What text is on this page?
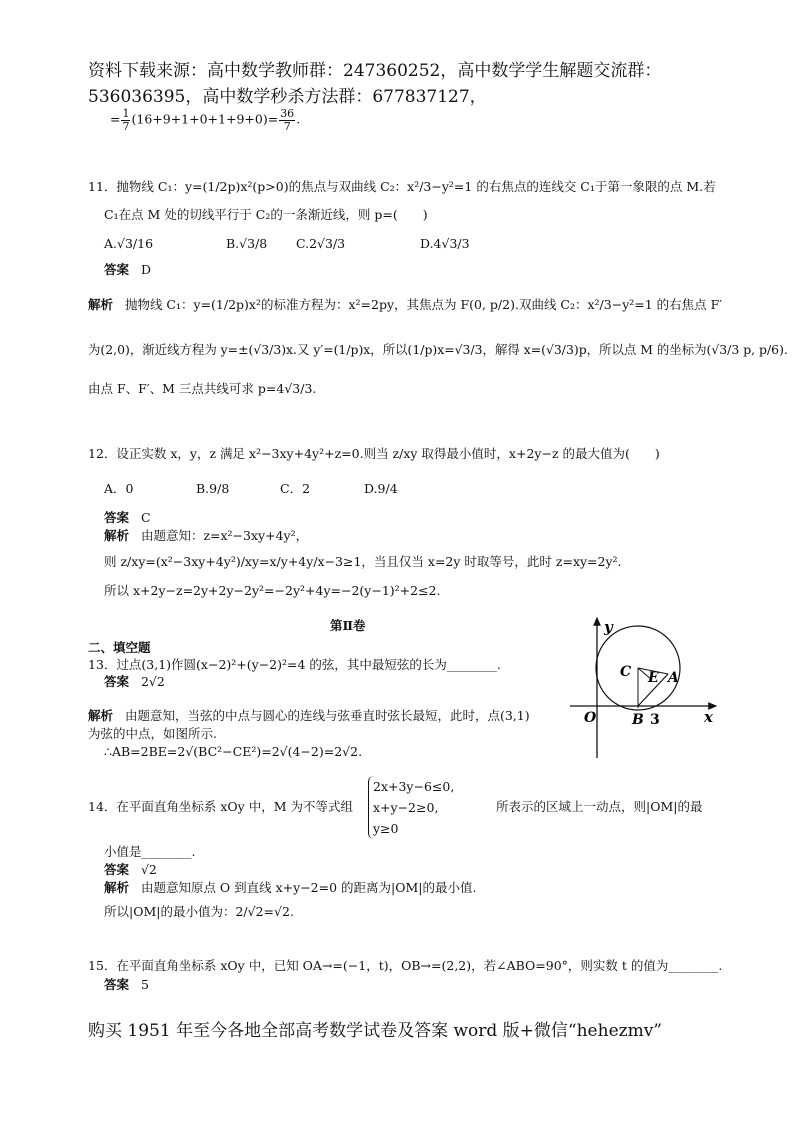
资料下载来源：高中数学教师群：247360252，高中数学学生解题交流群：
536036395，高中数学秒杀方法群：677837127，
= $\frac{1}{7} (16+9+1+0+1+9+0)= \frac{36}{7}$ .
11．抛物线 C₁：y=(1/2p)x²(p>0)的焦点与双曲线 C₂：x²/3−y²=1 的右焦点的连线交 C₁于第一象限的点 M.若
C₁在点 M 处的切线平行于 C₂的一条渐近线，则 p=(　　)
A.√3/16	B.√3/8 C.2√3/3	D.4√3/3
答案 D
解析 抛物线 C₁：y=(1/2p)x²的标准方程为：x²=2py，其焦点为 F(0, p/2).双曲线 C₂：x²/3−y²=1 的右焦点 F′
为(2,0)，渐近线方程为 y=±(√3/3)x.又 y′=(1/p)x，所以(1/p)x=√3/3，解得 x=(√3/3)p，所以点 M 的坐标为(√3/3 p, p/6).
由点 F、F′、M 三点共线可求 p=4√3/3.
12．设正实数 x，y，z 满足 x²−3xy+4y²+z=0.则当 z/xy 取得最小值时，x+2y−z 的最大值为(　　)
A．0	B.9/8	C．2	D.9/4
答案 C
解析 由题意知：z=x²−3xy+4y²，
则 z/xy=(x²−3xy+4y²)/xy=x/y+4y/x−3≥1，当且仅当 x=2y 时取等号，此时 z=xy=2y².
所以 x+2y−z=2y+2y−2y²=−2y²+4y=−2(y−1)²+2≤2.
第Ⅱ卷
二、填空题
13．过点(3,1)作圆(x−2)²+(y−2)²=4 的弦，其中最短弦的长为________.
答案 2√2
解析 由题意知，当弦的中点与圆心的连线与弦垂直时弦长最短，此时，点(3,1)
为弦的中点，如图所示.
∴AB=2BE=2√(BC²−CE²)=2√(4−2)=2√2.
y
x
O	B 3
C E A
14．在平面直角坐标系 xOy 中，M 为不等式组
2x+3y−6≤0,
x+y−2≥0,
y≥0
所表示的区域上一动点，则|OM|的最
小值是________.
答案 √2
解析 由题意知原点 O 到直线 x+y−2=0 的距离为|OM|的最小值.
所以|OM|的最小值为：2/√2=√2.
15．在平面直角坐标系 xOy 中，已知 OA→=(−1，t)，OB→=(2,2)，若∠ABO=90°，则实数 t 的值为________.
答案 5
购买 1951 年至今各地全部高考数学试卷及答案 word 版+微信“hehezmv”
